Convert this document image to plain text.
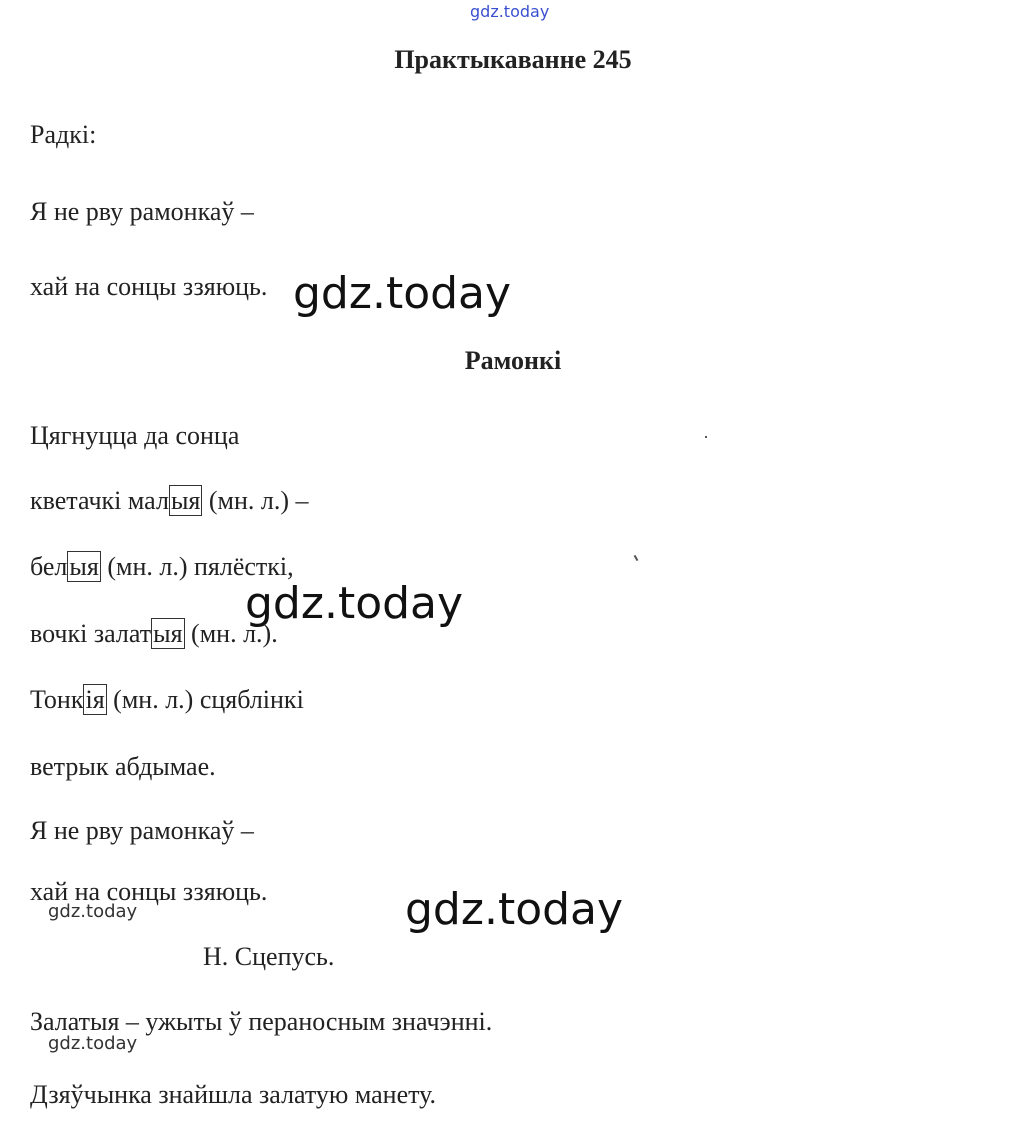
gdz.today
Практыкаванне 245
Радкі:
Я не рву рамонкаў –
хай на сонцы ззяюць. gdz.today
Рамонкі
Цягнуцца да сонца
кветачкі малыя (мн. л.) –
белыя (мн. л.) пялёсткі,
gdz.today
вочкі залатыя (мн. л.).
Тонкія (мн. л.) сцяблінкі
ветрык абдымае.
Я не рву рамонкаў –
хай на сонцы ззяюць.
gdz.today	gdz.today
Н. Сцепусь.
Залатыя – ужыты ў пераносным значэнні.
gdz.today
Дзяўчынка знайшла залатую манету.
